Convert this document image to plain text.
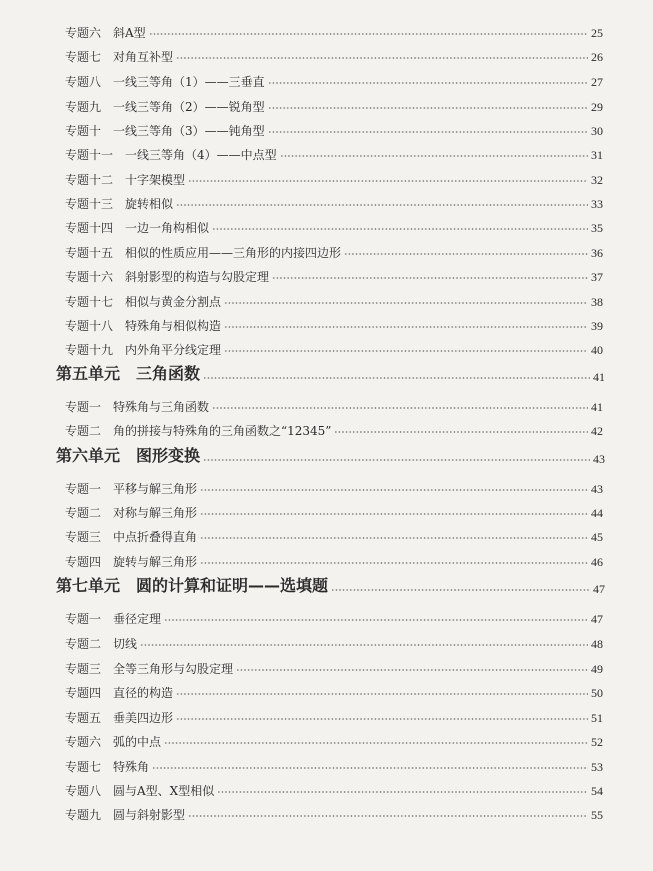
专题六　斜A型	25
专题七　对角互补型	26
专题八　一线三等角（1）——三垂直	27
专题九　一线三等角（2）——锐角型	29
专题十　一线三等角（3）——钝角型	30
专题十一　一线三等角（4）——中点型	31
专题十二　十字架模型	32
专题十三　旋转相似	33
专题十四　一边一角构相似	35
专题十五　相似的性质应用——三角形的内接四边形	36
专题十六　斜射影型的构造与勾股定理	37
专题十七　相似与黄金分割点	38
专题十八　特殊角与相似构造	39
专题十九　内外角平分线定理	40
第五单元　三角函数	41
专题一　特殊角与三角函数	41
专题二　角的拼接与特殊角的三角函数之“12345”	42
第六单元　图形变换	43
专题一　平移与解三角形	43
专题二　对称与解三角形	44
专题三　中点折叠得直角	45
专题四　旋转与解三角形	46
第七单元　圆的计算和证明——选填题	47
专题一　垂径定理	47
专题二　切线	48
专题三　全等三角形与勾股定理	49
专题四　直径的构造	50
专题五　垂美四边形	51
专题六　弧的中点	52
专题七　特殊角	53
专题八　圆与A型、X型相似	54
专题九　圆与斜射影型	55
